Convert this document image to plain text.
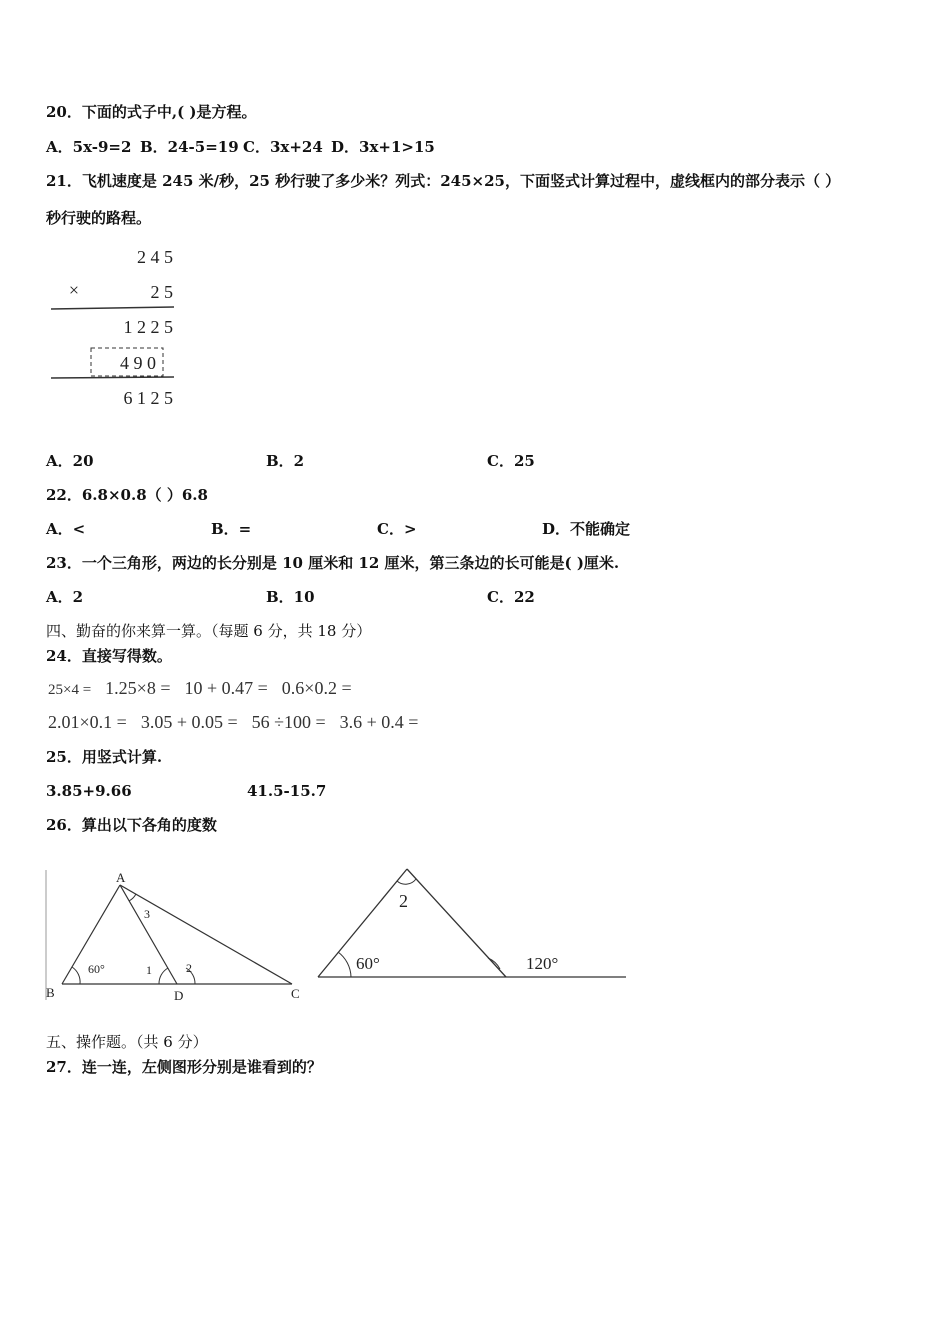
20．下面的式子中,( )是方程。
A．5x-9=2 B．24-5=19 C．3x+24 D．3x+1>15
21．飞机速度是 245 米/秒，25 秒行驶了多少米？列式：245×25，下面竖式计算过程中，虚线框内的部分表示（ ）
秒行驶的路程。
2 4 5
×	2 5
1 2 2 5
4 9 0
6 1 2 5
A．20	B．2	C．25
22．6.8×0.8（ ）6.8
A．<	B．=	C．>	D．不能确定
23．一个三角形，两边的长分别是 10 厘米和 12 厘米，第三条边的长可能是( )厘米.
A．2	B．10	C．22
四、勤奋的你来算一算。（每题 6 分，共 18 分）
24．直接写得数。
25×4 = 1.25×8 = 10 + 0.47 = 0.6×0.2 =
2.01×0.1 = 3.05 + 0.05 = 56 ÷100 = 3.6 + 0.4 =
25．用竖式计算.
3.85+9.66	41.5-15.7
26．算出以下各角的度数
A
B	C
D
1	2
3
60°
2
60°	120°
五、操作题。（共 6 分）
27．连一连，左侧图形分别是谁看到的？
